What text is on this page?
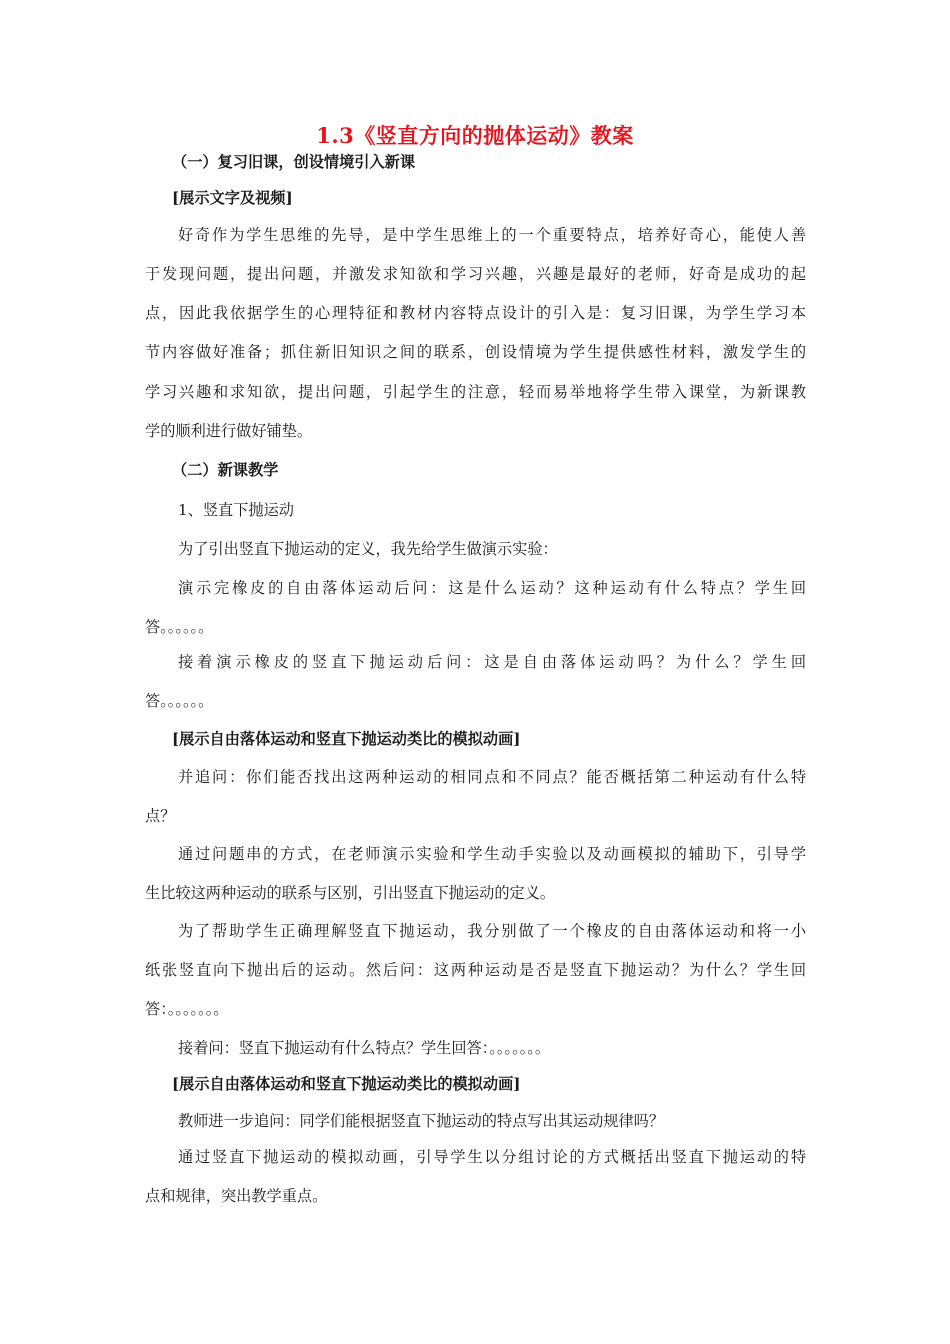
1.3《竖直方向的抛体运动》教案
（一）复习旧课，创设情境引入新课
[展示文字及视频]
好奇作为学生思维的先导，是中学生思维上的一个重要特点，培养好奇心，能使人善
于发现问题，提出问题，并激发求知欲和学习兴趣，兴趣是最好的老师，好奇是成功的起
点，因此我依据学生的心理特征和教材内容特点设计的引入是：复习旧课，为学生学习本
节内容做好准备；抓住新旧知识之间的联系，创设情境为学生提供感性材料，激发学生的
学习兴趣和求知欲，提出问题，引起学生的注意，轻而易举地将学生带入课堂，为新课教
学的顺利进行做好铺垫。
（二）新课教学
1、竖直下抛运动
为了引出竖直下抛运动的定义，我先给学生做演示实验：
演示完橡皮的自由落体运动后问：这是什么运动？这种运动有什么特点？学生回
答。。。。。。
接着演示橡皮的竖直下抛运动后问：这是自由落体运动吗？为什么？学生回
答。。。。。。
[展示自由落体运动和竖直下抛运动类比的模拟动画]
并追问：你们能否找出这两种运动的相同点和不同点？能否概括第二种运动有什么特
点？
通过问题串的方式，在老师演示实验和学生动手实验以及动画模拟的辅助下，引导学
生比较这两种运动的联系与区别，引出竖直下抛运动的定义。
为了帮助学生正确理解竖直下抛运动，我分别做了一个橡皮的自由落体运动和将一小
纸张竖直向下抛出后的运动。然后问：这两种运动是否是竖直下抛运动？为什么？学生回
答：。。。。。。。
接着问：竖直下抛运动有什么特点？学生回答：。。。。。。。
[展示自由落体运动和竖直下抛运动类比的模拟动画]
教师进一步追问：同学们能根据竖直下抛运动的特点写出其运动规律吗？
通过竖直下抛运动的模拟动画，引导学生以分组讨论的方式概括出竖直下抛运动的特
点和规律，突出教学重点。
